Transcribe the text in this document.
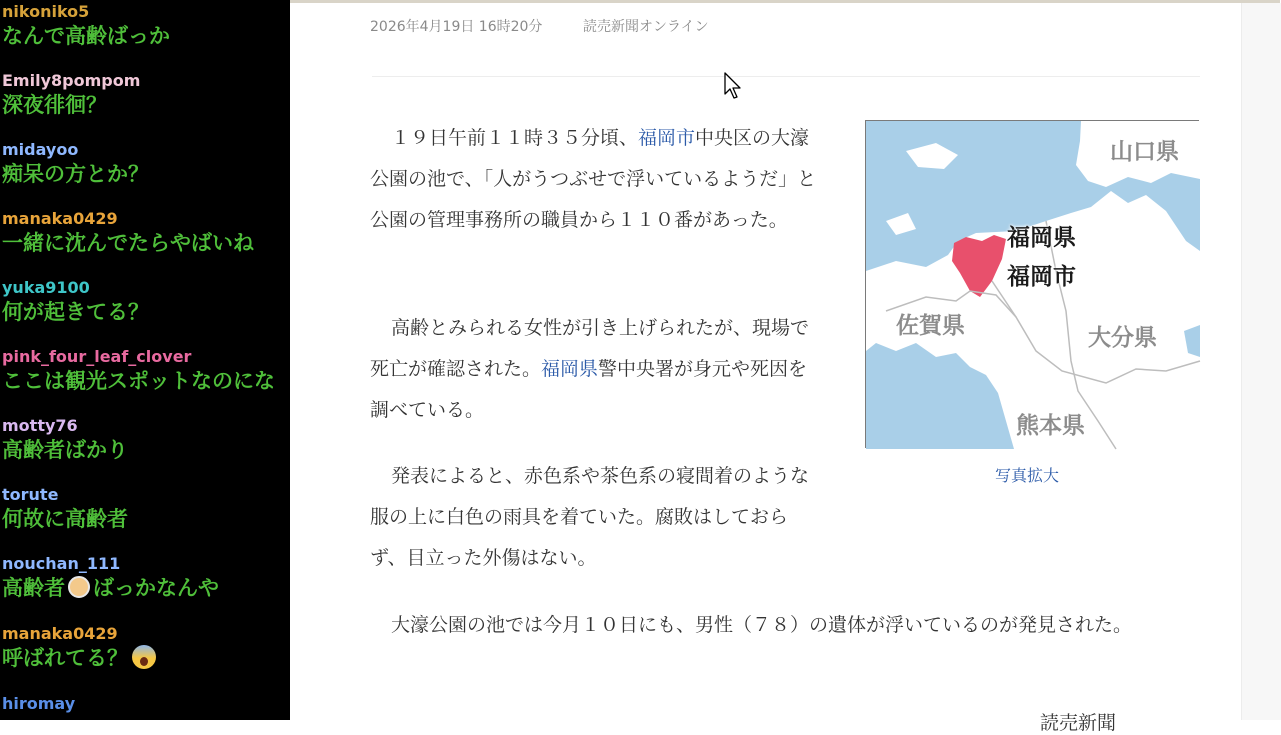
nikoniko5
なんで高齢ばっか
Emily8pompom
深夜徘徊？
midayoo
痴呆の方とか？
manaka0429
一緒に沈んでたらやばいね
yuka9100
何が起きてる？
pink_four_leaf_clover
ここは観光スポットなのにな
motty76
高齢者ばかり
torute
何故に高齢者
nouchan_111
高齢者 ばっかなんや
manaka0429
呼ばれてる？
hiromay
2026年4月19日 16時20分	読売新聞オンライン
１９日午前１１時３５分頃、福岡市中央区の大濠公園の池で、「人がうつぶせで浮いているようだ」と公園の管理事務所の職員から１１０番があった。
高齢とみられる女性が引き上げられたが、現場で死亡が確認された。福岡県警中央署が身元や死因を調べている。
発表によると、赤色系や茶色系の寝間着のような服の上に白色の雨具を着ていた。腐敗はしておらず、目立った外傷はない。
大濠公園の池では今月１０日にも、男性（７８）の遺体が浮いているのが発見された。
読売新聞
山口県
福岡県
福岡市
佐賀県	大分県
熊本県
写真拡大
